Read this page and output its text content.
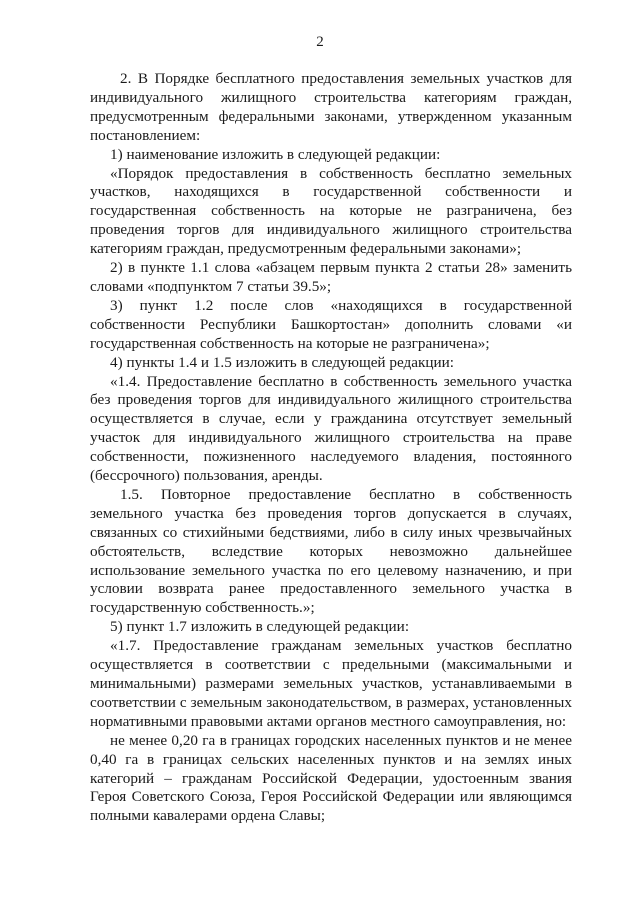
2

2. В Порядке бесплатного предоставления земельных участков для индивидуального жилищного строительства категориям граждан, предусмотренным федеральными законами, утвержденном указанным постановлением:

1) наименование изложить в следующей редакции:

«Порядок предоставления в собственность бесплатно земельных участков, находящихся в государственной собственности и государственная собственность на которые не разграничена, без проведения торгов для индивидуального жилищного строительства категориям граждан, предусмотренным федеральными законами»;

2) в пункте 1.1 слова «абзацем первым пункта 2 статьи 28» заменить словами «подпунктом 7 статьи 39.5»;

3) пункт 1.2 после слов «находящихся в государственной собственности Республики Башкортостан» дополнить словами «и государственная собственность на которые не разграничена»;

4) пункты 1.4 и 1.5 изложить в следующей редакции:

«1.4. Предоставление бесплатно в собственность земельного участка без проведения торгов для индивидуального жилищного строительства осуществляется в случае, если у гражданина отсутствует земельный участок для индивидуального жилищного строительства на праве собственности, пожизненного наследуемого владения, постоянного (бессрочного) пользования, аренды.

1.5. Повторное предоставление бесплатно в собственность земельного участка без проведения торгов допускается в случаях, связанных со стихийными бедствиями, либо в силу иных чрезвычайных обстоятельств, вследствие которых невозможно дальнейшее использование земельного участка по его целевому назначению, и при условии возврата ранее предоставленного земельного участка в государственную собственность.»;

5) пункт 1.7 изложить в следующей редакции:

«1.7. Предоставление гражданам земельных участков бесплатно осуществляется в соответствии с предельными (максимальными и минимальными) размерами земельных участков, устанавливаемыми в соответствии с земельным законодательством, в размерах, установленных нормативными правовыми актами органов местного самоуправления, но:

не менее 0,20 га в границах городских населенных пунктов и не менее 0,40 га в границах сельских населенных пунктов и на землях иных категорий – гражданам Российской Федерации, удостоенным звания Героя Советского Союза, Героя Российской Федерации или являющимся полными кавалерами ордена Славы;
